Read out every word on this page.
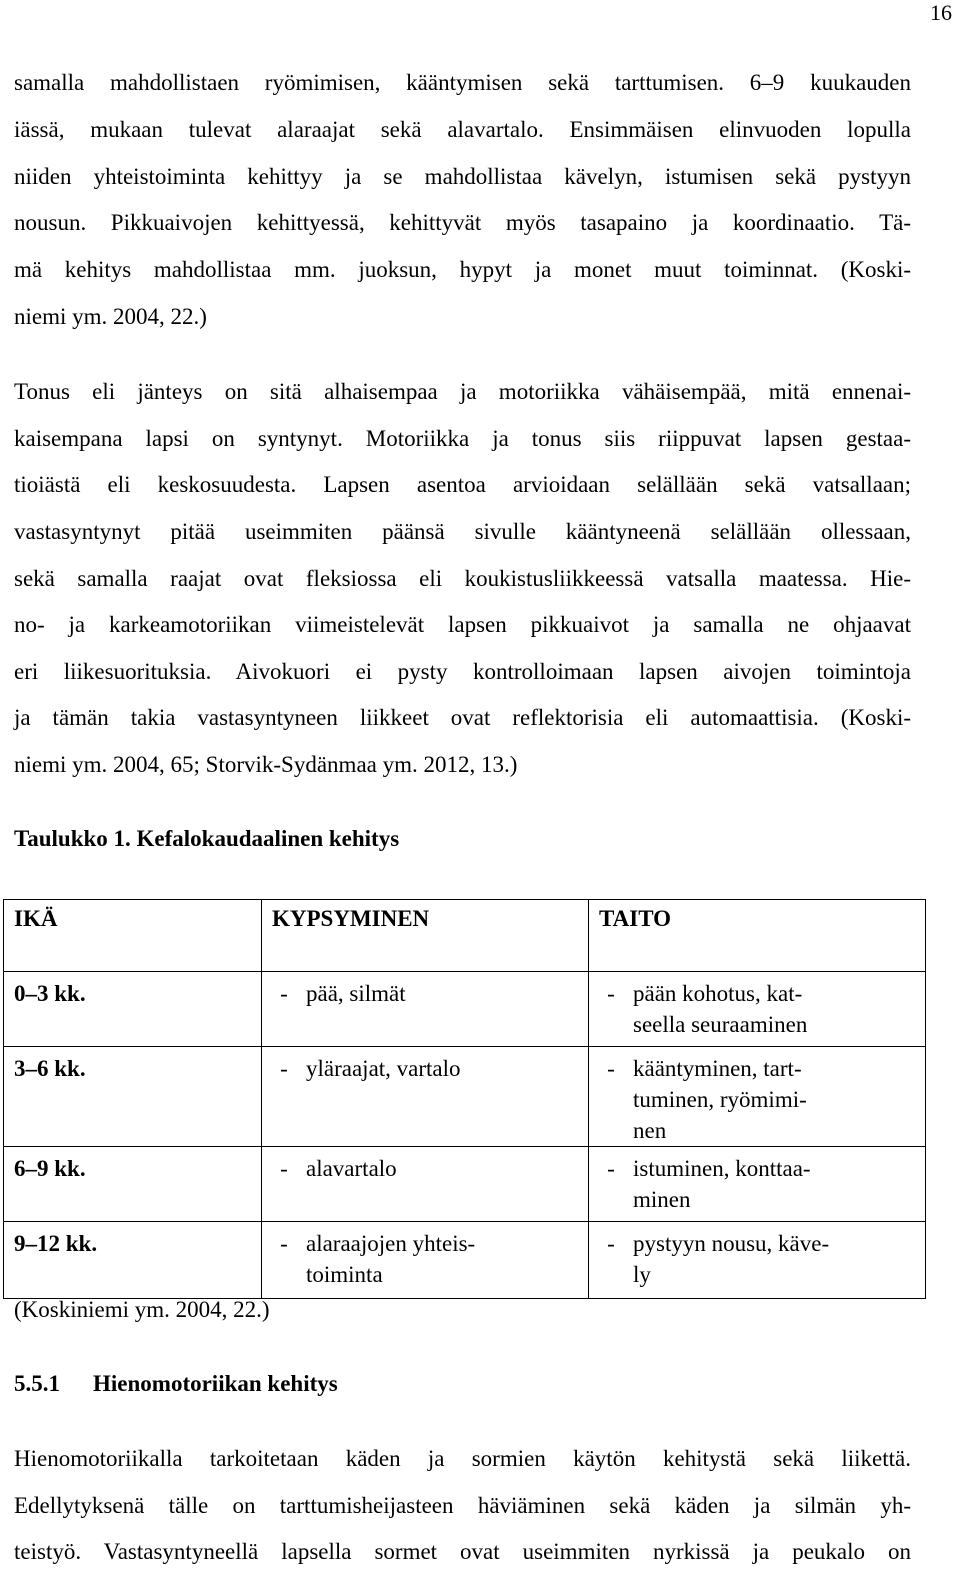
16
samalla mahdollistaen ryömimisen, kääntymisen sekä tarttumisen. 6–9 kuukauden
iässä, mukaan tulevat alaraajat sekä alavartalo. Ensimmäisen elinvuoden lopulla
niiden yhteistoiminta kehittyy ja se mahdollistaa kävelyn, istumisen sekä pystyyn
nousun. Pikkuaivojen kehittyessä, kehittyvät myös tasapaino ja koordinaatio. Tä-
mä kehitys mahdollistaa mm. juoksun, hypyt ja monet muut toiminnat. (Koski-
niemi ym. 2004, 22.)
Tonus eli jänteys on sitä alhaisempaa ja motoriikka vähäisempää, mitä ennenai-
kaisempana lapsi on syntynyt. Motoriikka ja tonus siis riippuvat lapsen gestaa-
tioiästä eli keskosuudesta. Lapsen asentoa arvioidaan selällään sekä vatsallaan;
vastasyntynyt pitää useimmiten päänsä sivulle kääntyneenä selällään ollessaan,
sekä samalla raajat ovat fleksiossa eli koukistusliikkeessä vatsalla maatessa. Hie-
no- ja karkeamotoriikan viimeistelevät lapsen pikkuaivot ja samalla ne ohjaavat
eri liikesuorituksia. Aivokuori ei pysty kontrolloimaan lapsen aivojen toimintoja
ja tämän takia vastasyntyneen liikkeet ovat reflektorisia eli automaattisia. (Koski-
niemi ym. 2004, 65; Storvik-Sydänmaa ym. 2012, 13.)
Taulukko 1. Kefalokaudaalinen kehitys
IKÄ	KYPSYMINEN	TAITO

0–3 kk.	- pää, silmät	- pään kohotus, kat-
seella seuraaminen

3–6 kk.	- yläraajat, vartalo	- kääntyminen, tart-
tuminen, ryömimi-
nen

6–9 kk.	- alavartalo	- istuminen, konttaa-
minen

9–12 kk.	- alaraajojen yhteis-
toiminta	- pystyyn nousu, käve-
ly
(Koskiniemi ym. 2004, 22.)
5.5.1 Hienomotoriikan kehitys
Hienomotoriikalla tarkoitetaan käden ja sormien käytön kehitystä sekä liikettä.
Edellytyksenä tälle on tarttumisheijasteen häviäminen sekä käden ja silmän yh-
teistyö. Vastasyntyneellä lapsella sormet ovat useimmiten nyrkissä ja peukalo on
